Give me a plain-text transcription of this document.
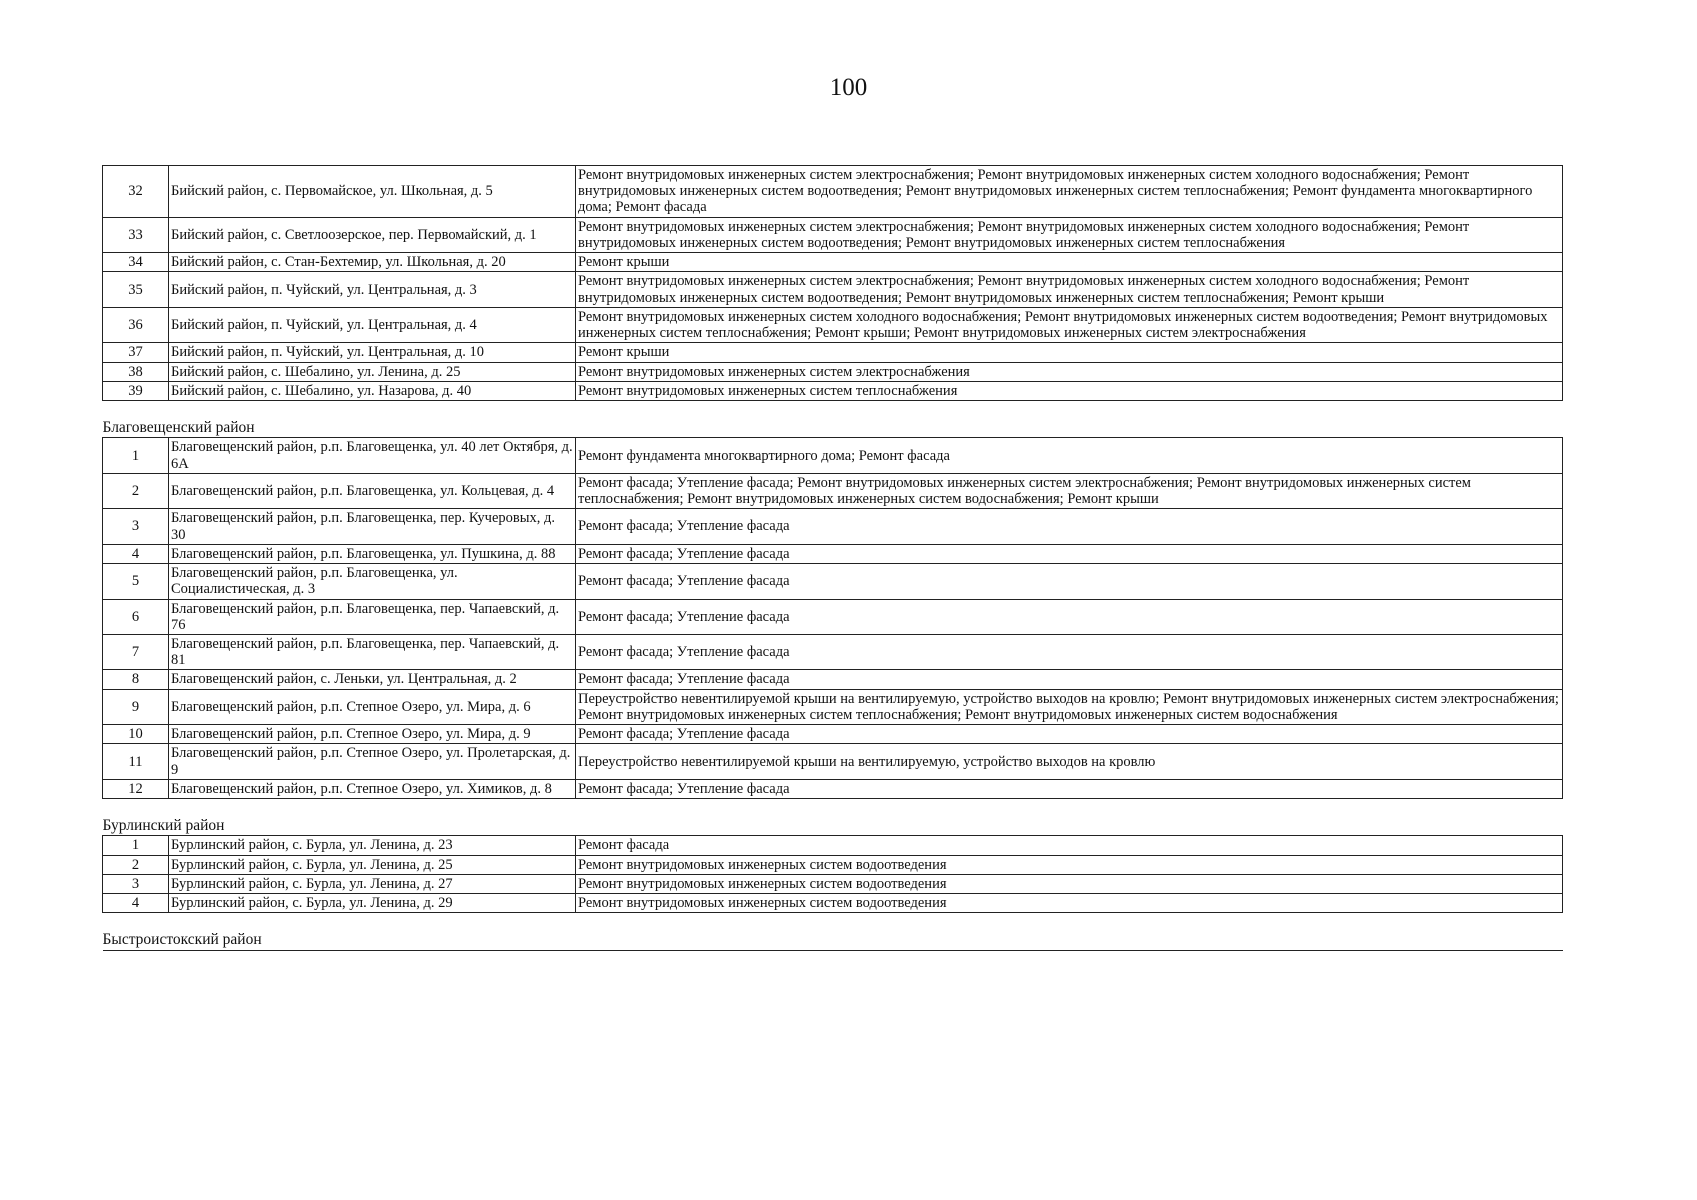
100
32	Бийский район, с. Первомайское, ул. Школьная, д. 5	Ремонт внутридомовых инженерных систем электроснабжения; Ремонт внутридомовых инженерных систем холодного водоснабжения; Ремонт внутридомовых инженерных систем водоотведения; Ремонт внутридомовых инженерных систем теплоснабжения; Ремонт фундамента многоквартирного дома; Ремонт фасада
33	Бийский район, с. Светлоозерское, пер. Первомайский, д. 1	Ремонт внутридомовых инженерных систем электроснабжения; Ремонт внутридомовых инженерных систем холодного водоснабжения; Ремонт внутридомовых инженерных систем водоотведения; Ремонт внутридомовых инженерных систем теплоснабжения
34	Бийский район, с. Стан-Бехтемир, ул. Школьная, д. 20	Ремонт крыши
35	Бийский район, п. Чуйский, ул. Центральная, д. 3	Ремонт внутридомовых инженерных систем электроснабжения; Ремонт внутридомовых инженерных систем холодного водоснабжения; Ремонт внутридомовых инженерных систем водоотведения; Ремонт внутридомовых инженерных систем теплоснабжения; Ремонт крыши
36	Бийский район, п. Чуйский, ул. Центральная, д. 4	Ремонт внутридомовых инженерных систем холодного водоснабжения; Ремонт внутридомовых инженерных систем водоотведения; Ремонт внутридомовых инженерных систем теплоснабжения; Ремонт крыши; Ремонт внутридомовых инженерных систем электроснабжения
37	Бийский район, п. Чуйский, ул. Центральная, д. 10	Ремонт крыши
38	Бийский район, с. Шебалино, ул. Ленина, д. 25	Ремонт внутридомовых инженерных систем электроснабжения
39	Бийский район, с. Шебалино, ул. Назарова, д. 40	Ремонт внутридомовых инженерных систем теплоснабжения
Благовещенский район		
1	Благовещенский район, р.п. Благовещенка, ул. 40 лет Октября, д. 6А	Ремонт фундамента многоквартирного дома; Ремонт фасада
2	Благовещенский район, р.п. Благовещенка, ул. Кольцевая, д. 4	Ремонт фасада; Утепление фасада; Ремонт внутридомовых инженерных систем электроснабжения; Ремонт внутридомовых инженерных систем теплоснабжения; Ремонт внутридомовых инженерных систем водоснабжения; Ремонт крыши
3	Благовещенский район, р.п. Благовещенка, пер. Кучеровых, д. 30	Ремонт фасада; Утепление фасада
4	Благовещенский район, р.п. Благовещенка, ул. Пушкина, д. 88	Ремонт фасада; Утепление фасада
5	Благовещенский район, р.п. Благовещенка, ул. Социалистическая, д. 3	Ремонт фасада; Утепление фасада
6	Благовещенский район, р.п. Благовещенка, пер. Чапаевский, д. 76	Ремонт фасада; Утепление фасада
7	Благовещенский район, р.п. Благовещенка, пер. Чапаевский, д. 81	Ремонт фасада; Утепление фасада
8	Благовещенский район, с. Леньки, ул. Центральная, д. 2	Ремонт фасада; Утепление фасада
9	Благовещенский район, р.п. Степное Озеро, ул. Мира, д. 6	Переустройство невентилируемой крыши на вентилируемую, устройство выходов на кровлю; Ремонт внутридомовых инженерных систем электроснабжения; Ремонт внутридомовых инженерных систем теплоснабжения; Ремонт внутридомовых инженерных систем водоснабжения
10	Благовещенский район, р.п. Степное Озеро, ул. Мира, д. 9	Ремонт фасада; Утепление фасада
11	Благовещенский район, р.п. Степное Озеро, ул. Пролетарская, д. 9	Переустройство невентилируемой крыши на вентилируемую, устройство выходов на кровлю
12	Благовещенский район, р.п. Степное Озеро, ул. Химиков, д. 8	Ремонт фасада; Утепление фасада
Бурлинский район		
1	Бурлинский район, с. Бурла, ул. Ленина, д. 23	Ремонт фасада
2	Бурлинский район, с. Бурла, ул. Ленина, д. 25	Ремонт внутридомовых инженерных систем водоотведения
3	Бурлинский район, с. Бурла, ул. Ленина, д. 27	Ремонт внутридомовых инженерных систем водоотведения
4	Бурлинский район, с. Бурла, ул. Ленина, д. 29	Ремонт внутридомовых инженерных систем водоотведения
Быстроистокский район		
